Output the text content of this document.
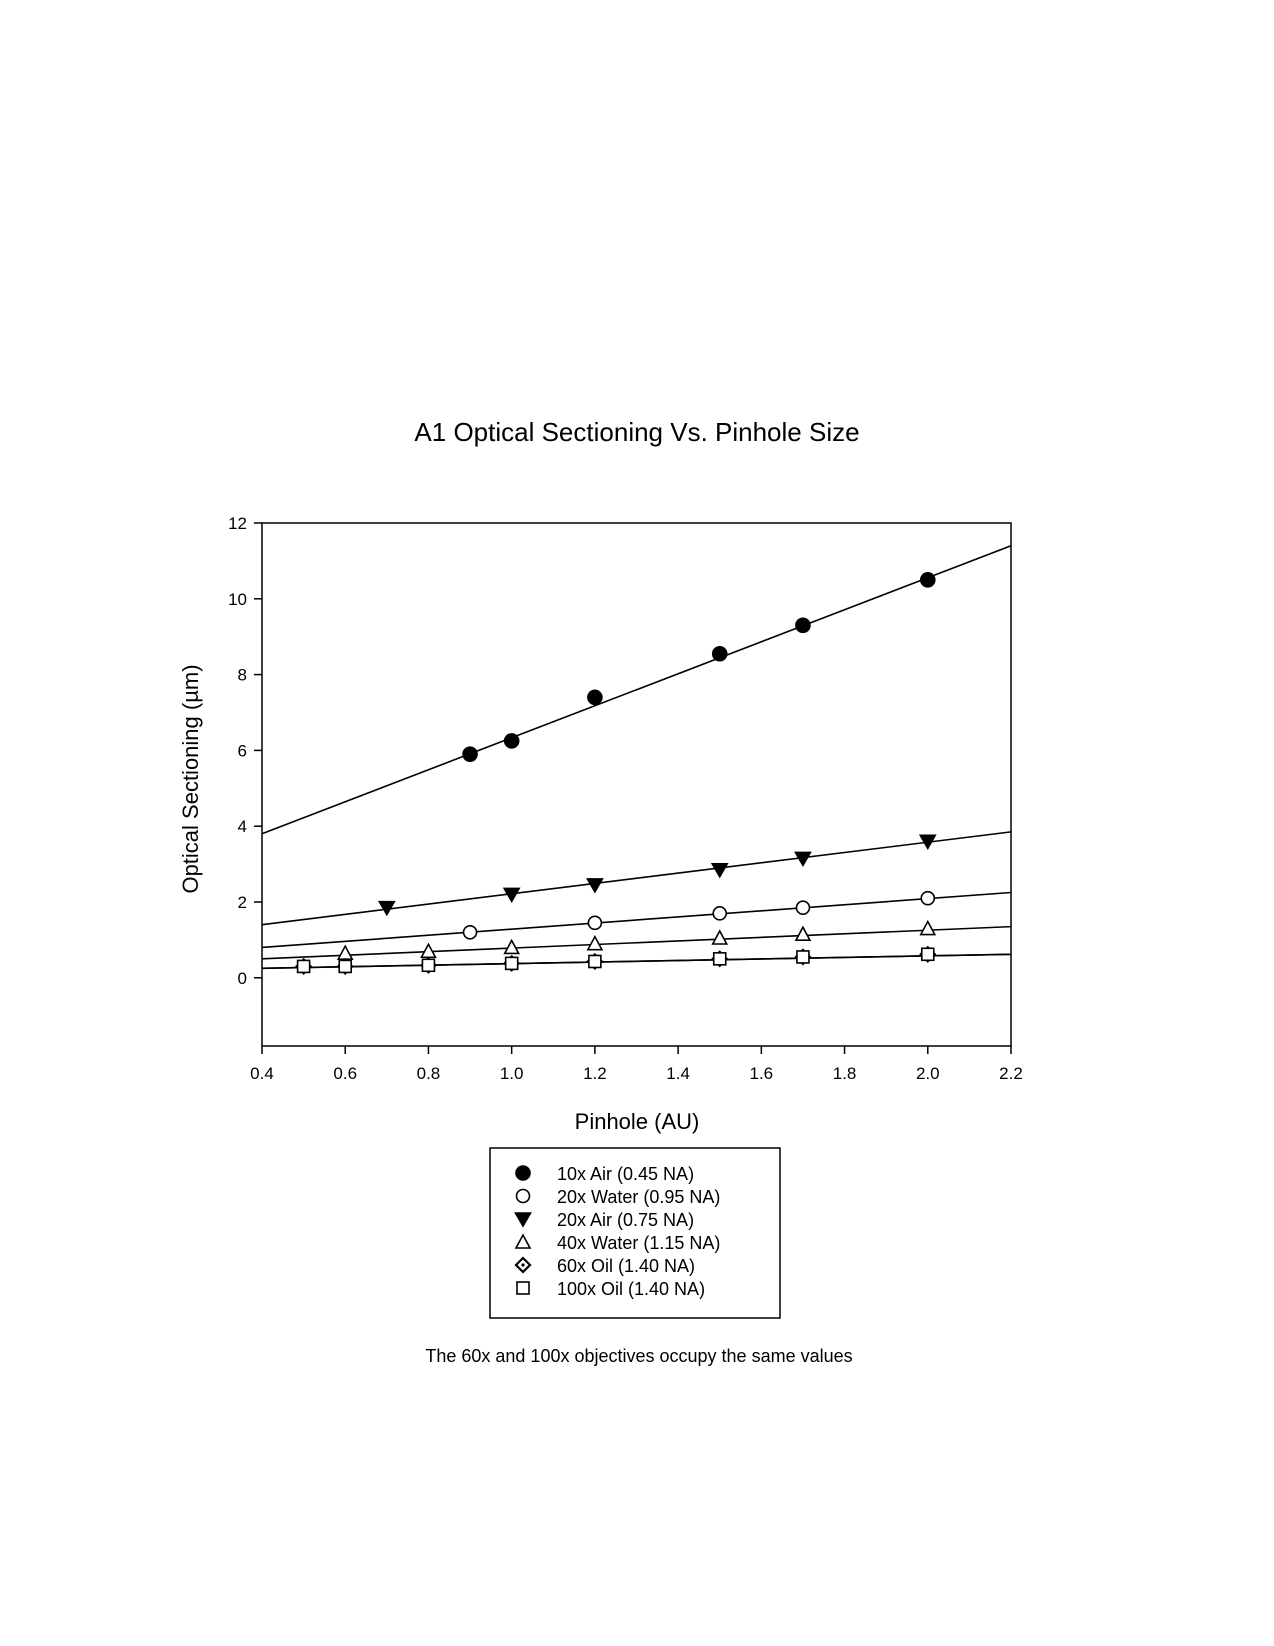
A1 Optical Sectioning Vs. Pinhole Size
0.4	0.6	0.8	1.0	1.2	1.4	1.6	1.8	2.0	2.2
0
2
4
6
8
10
12
Pinhole (AU)
Optical Sectioning (µm)
10x Air (0.45 NA)
20x Water (0.95 NA)
20x Air (0.75 NA)
40x Water (1.15 NA)
60x Oil (1.40 NA)
100x Oil (1.40 NA)
The 60x and 100x objectives occupy the same values
